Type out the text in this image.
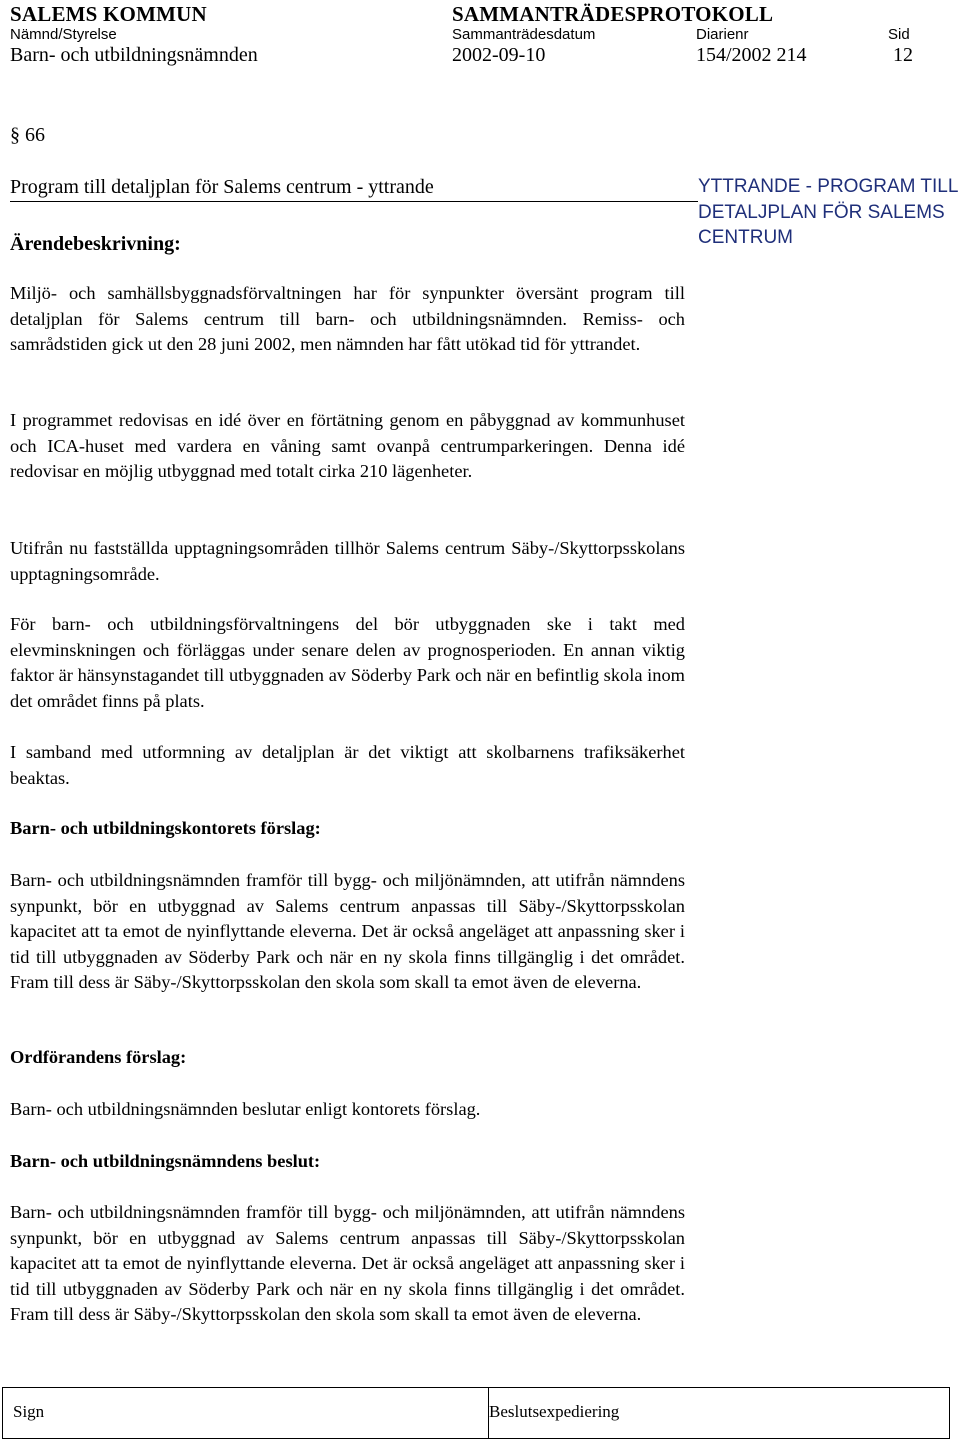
SALEMS KOMMUN	SAMMANTRÄDESPROTOKOLL
Nämnd/Styrelse	Sammanträdesdatum	Diarienr	Sid
Barn- och utbildningsnämnden	2002-09-10	154/2002 214	12
§ 66
Program till detaljplan för Salems centrum - yttrande
Ärendebeskrivning:
YTTRANDE - PROGRAM TILL DETALJPLAN FÖR SALEMS CENTRUM
Miljö- och samhällsbyggnadsförvaltningen har för synpunkter översänt program till detaljplan för Salems centrum till barn- och utbildningsnämnden. Remiss- och samrådstiden gick ut den 28 juni 2002, men nämnden har fått utökad tid för yttrandet.
I programmet redovisas en idé över en förtätning genom en påbyggnad av kommunhuset och ICA-huset med vardera en våning samt ovanpå centrumparkeringen. Denna idé redovisar en möjlig utbyggnad med totalt cirka 210 lägenheter.
Utifrån nu fastställda upptagningsområden tillhör Salems centrum Säby-/Skyttorpsskolans upptagningsområde.
För barn- och utbildningsförvaltningens del bör utbyggnaden ske i takt med elevminskningen och förläggas under senare delen av prognosperioden. En annan viktig faktor är hänsynstagandet till utbyggnaden av Söderby Park och när en befintlig skola inom det området finns på plats.
I samband med utformning av detaljplan är det viktigt att skolbarnens trafiksäkerhet beaktas.
Barn- och utbildningskontorets förslag:
Barn- och utbildningsnämnden framför till bygg- och miljönämnden, att utifrån nämndens synpunkt, bör en utbyggnad av Salems centrum anpassas till Säby-/Skyttorpsskolan kapacitet att ta emot de nyinflyttande eleverna. Det är också angeläget att anpassning sker i tid till utbyggnaden av Söderby Park och när en ny skola finns tillgänglig i det området. Fram till dess är Säby-/Skyttorpsskolan den skola som skall ta emot även de eleverna.
Ordförandens förslag:
Barn- och utbildningsnämnden beslutar enligt kontorets förslag.
Barn- och utbildningsnämndens beslut:
Barn- och utbildningsnämnden framför till bygg- och miljönämnden, att utifrån nämndens synpunkt, bör en utbyggnad av Salems centrum anpassas till Säby-/Skyttorpsskolan kapacitet att ta emot de nyinflyttande eleverna. Det är också angeläget att anpassning sker i tid till utbyggnaden av Söderby Park och när en ny skola finns tillgänglig i det området. Fram till dess är Säby-/Skyttorpsskolan den skola som skall ta emot även de eleverna.
Sign	Beslutsexpediering
